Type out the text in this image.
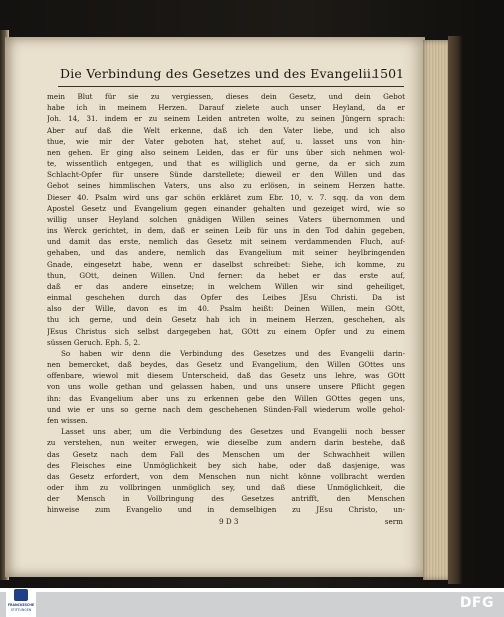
Die Verbindung des Gesetzes und des Evangelii.
1501
mein Blut für sie zu vergiessen, dieses dein Gesetz, und dein Gebot
habe ich in meinem Herzen. Darauf zielete auch unser Heyland, da er
Joh. 14, 31. indem er zu seinem Leiden antreten wolte, zu seinen Jüngern sprach:
Aber auf daß die Welt erkenne, daß ich den Vater liebe, und ich also
thue, wie mir der Vater geboten hat, stehet auf, u. lasset uns von hin-
nen gehen. Er ging also seinem Leiden, das er für uns über sich nehmen wol-
te, wissentlich entgegen, und that es williglich und gerne, da er sich zum
Schlacht-Opfer für unsere Sünde darstellete; dieweil er den Willen und das
Gebot seines himmlischen Vaters, uns also zu erlösen, in seinem Herzen hatte.
Dieser 40. Psalm wird uns gar schön erkläret zum Ebr. 10, v. 7. sqq. da von dem
Apostel Gesetz und Evangelium gegen einander gehalten und gezeiget wird, wie so
willig unser Heyland solchen gnädigen Willen seines Vaters übernommen und
ins Werck gerichtet, in dem, daß er seinen Leib für uns in den Tod dahin gegeben,
und damit das erste, nemlich das Gesetz mit seinem verdammenden Fluch, auf-
gehaben, und das andere, nemlich das Evangelium mit seiner heylbringenden
Gnade, eingesetzt habe, wenn er daselbst schreibet: Siehe, ich komme, zu
thun, GOtt, deinen Willen. Und ferner: da hebet er das erste auf,
daß er das andere einsetze; in welchem Willen wir sind geheiliget,
einmal geschehen durch das Opfer des Leibes JEsu Christi. Da ist
also der Wille, davon es im 40. Psalm heißt: Deinen Willen, mein GOtt,
thu ich gerne, und dein Gesetz hab ich in meinem Herzen, geschehen, als
JEsus Christus sich selbst dargegeben hat, GOtt zu einem Opfer und zu einem
süssen Geruch. Eph. 5, 2.
So haben wir denn die Verbindung des Gesetzes und des Evangelii darin-
nen bemercket, daß beydes, das Gesetz und Evangelium, den Willen GOttes uns
offenbare, wiewol mit diesem Unterscheid, daß das Gesetz uns lehre, was GOtt
von uns wolle gethan und gelassen haben, und uns unsere unsere Pflicht gegen
ihn: das Evangelium aber uns zu erkennen gebe den Willen GOttes gegen uns,
und wie er uns so gerne nach dem geschehenen Sünden-Fall wiederum wolle gehol-
fen wissen.
Lasset uns aber, um die Verbindung des Gesetzes und Evangelii noch besser
zu verstehen, nun weiter erwegen, wie dieselbe zum andern darin bestehe, daß
das Gesetz nach dem Fall des Menschen um der Schwachheit willen
des Fleisches eine Unmöglichkeit bey sich habe, oder daß dasjenige, was
das Gesetz erfordert, von dem Menschen nun nicht könne vollbracht werden
oder ihm zu vollbringen unmöglich sey, und daß diese Unmöglichkeit, die
der Mensch in Vollbringung des Gesetzes antrifft, den Menschen
hinweise zum Evangelio und in demselbigen zu JEsu Christo, un-
9 D 3	serm
FRANCKESCHE
STIFTUNGEN	DFG
